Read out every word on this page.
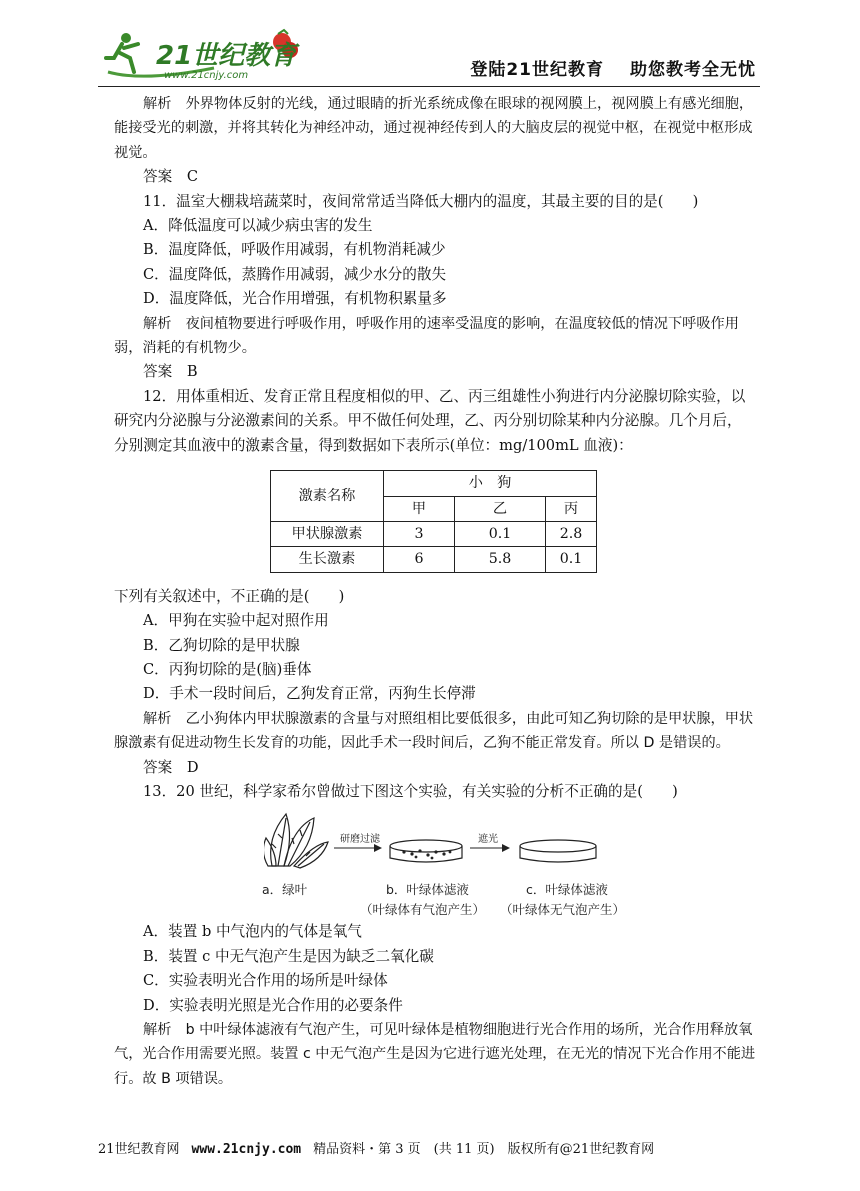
21世纪教育
www.21cnjy.com	登陆21世纪教育 助您教考全无忧

解析　 外界物体反射的光线，通过眼睛的折光系统成像在眼球的视网膜上，视网膜上有感光细胞，能接受光的刺激，并将其转化为神经冲动，通过视神经传到人的大脑皮层的视觉中枢，在视觉中枢形成视觉。

答案　 C

11．温室大棚栽培蔬菜时，夜间常常适当降低大棚内的温度，其最主要的目的是(　　)

A．降低温度可以减少病虫害的发生

B．温度降低，呼吸作用减弱，有机物消耗减少

C．温度降低，蒸腾作用减弱，减少水分的散失

D．温度降低，光合作用增强，有机物积累量多

解析　 夜间植物要进行呼吸作用，呼吸作用的速率受温度的影响，在温度较低的情况下呼吸作用弱，消耗的有机物少。

答案　 B

12．用体重相近、发育正常且程度相似的甲、乙、丙三组雄性小狗进行内分泌腺切除实验，以研究内分泌腺与分泌激素间的关系。甲不做任何处理，乙、丙分别切除某种内分泌腺。几个月后，分别测定其血液中的激素含量，得到数据如下表所示(单位：mg/100mL 血液)：

激素名称	小　狗		
	甲	乙	丙
甲状腺激素	3	0.1	2.8
生长激素	6	5.8	0.1

下列有关叙述中，不正确的是(　　)

A．甲狗在实验中起对照作用

B．乙狗切除的是甲状腺

C．丙狗切除的是(脑)垂体

D．手术一段时间后，乙狗发育正常，丙狗生长停滞

解析　 乙小狗体内甲状腺激素的含量与对照组相比要低很多，由此可知乙狗切除的是甲状腺，甲状腺激素有促进动物生长发育的功能，因此手术一段时间后，乙狗不能正常发育。所以 D 是错误的。

答案　 D

13．20 世纪，科学家希尔曾做过下图这个实验，有关实验的分析不正确的是(　　)

研磨过滤	遮光
a．绿叶	b．叶绿体滤液	c．叶绿体滤液
（叶绿体有气泡产生） （叶绿体无气泡产生）

A．装置 b 中气泡内的气体是氧气

B．装置 c 中无气泡产生是因为缺乏二氧化碳

C．实验表明光合作用的场所是叶绿体

D．实验表明光照是光合作用的必要条件

解析　 b 中叶绿体滤液有气泡产生，可见叶绿体是植物细胞进行光合作用的场所，光合作用释放氧气，光合作用需要光照。装置 c 中无气泡产生是因为它进行遮光处理，在无光的情况下光合作用不能进行。故 B 项错误。

21世纪教育网 www.21cnjy.com 精品资料・第 3 页　(共 11 页)　版权所有@21世纪教育网
